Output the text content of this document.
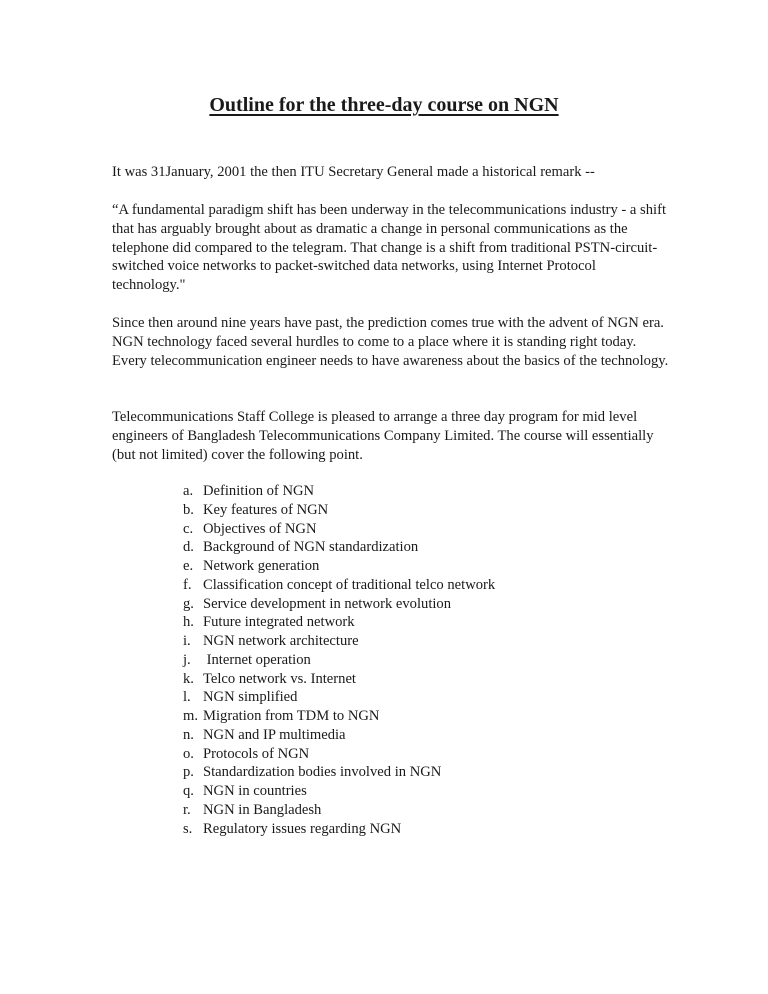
Outline for the three-day course on NGN

It was 31January, 2001 the then ITU Secretary General made a historical remark --

“A fundamental paradigm shift has been underway in the telecommunications industry - a shift that has arguably brought about as dramatic a change in personal communications as the telephone did compared to the telegram. That change is a shift from traditional PSTN-circuit-switched voice networks to packet-switched data networks, using Internet Protocol technology."

Since then around nine years have past, the prediction comes true with the advent of NGN era. NGN technology faced several hurdles to come to a place where it is standing right today. Every telecommunication engineer needs to have awareness about the basics of the technology.

Telecommunications Staff College is pleased to arrange a three day program for mid level engineers of Bangladesh Telecommunications Company Limited. The course will essentially (but not limited) cover the following point.

a. Definition of NGN
b. Key features of NGN
c. Objectives of NGN
d. Background of NGN standardization
e. Network generation
f. Classification concept of traditional telco network
g. Service development in network evolution
h. Future integrated network
i. NGN network architecture
j. Internet operation
k. Telco network vs. Internet
l. NGN simplified
m. Migration from TDM to NGN
n. NGN and IP multimedia
o. Protocols of NGN
p. Standardization bodies involved in NGN
q. NGN in countries
r. NGN in Bangladesh
s. Regulatory issues regarding NGN
